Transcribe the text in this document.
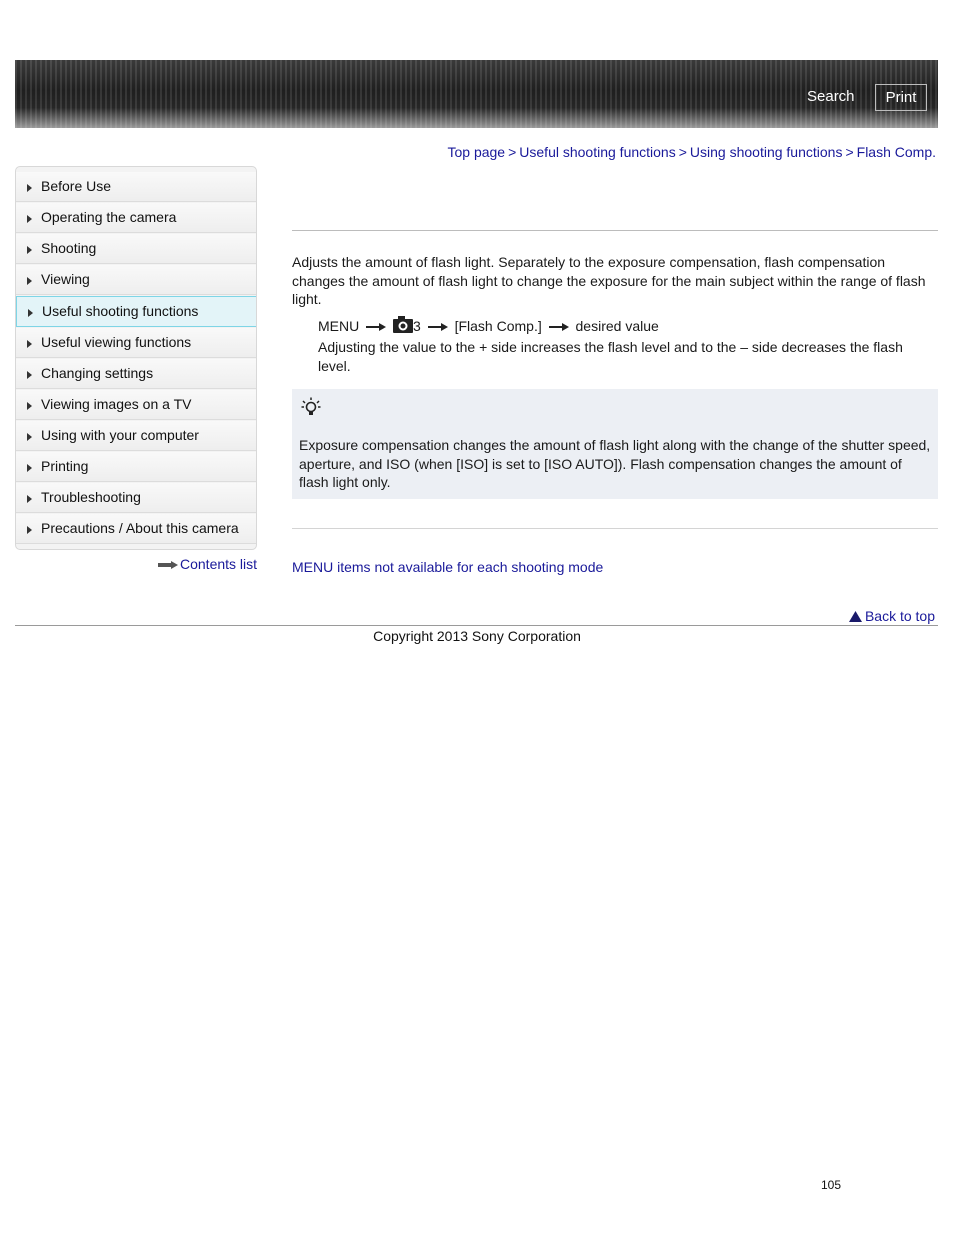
Search	Print
Top page > Useful shooting functions > Using shooting functions > Flash Comp.
Before Use
Operating the camera
Shooting
Viewing
Useful shooting functions
Useful viewing functions
Changing settings
Viewing images on a TV
Using with your computer
Printing
Troubleshooting
Precautions / About this camera
Contents list
Adjusts the amount of flash light. Separately to the exposure compensation, flash compensation changes the amount of flash light to change the exposure for the main subject within the range of flash light.
MENU	3 [Flash Comp.] desired value
Adjusting the value to the + side increases the flash level and to the – side decreases the flash level.
Exposure compensation changes the amount of flash light along with the change of the shutter speed, aperture, and ISO (when [ISO] is set to [ISO AUTO]). Flash compensation changes the amount of flash light only.
MENU items not available for each shooting mode
Back to top
Copyright 2013 Sony Corporation
105
